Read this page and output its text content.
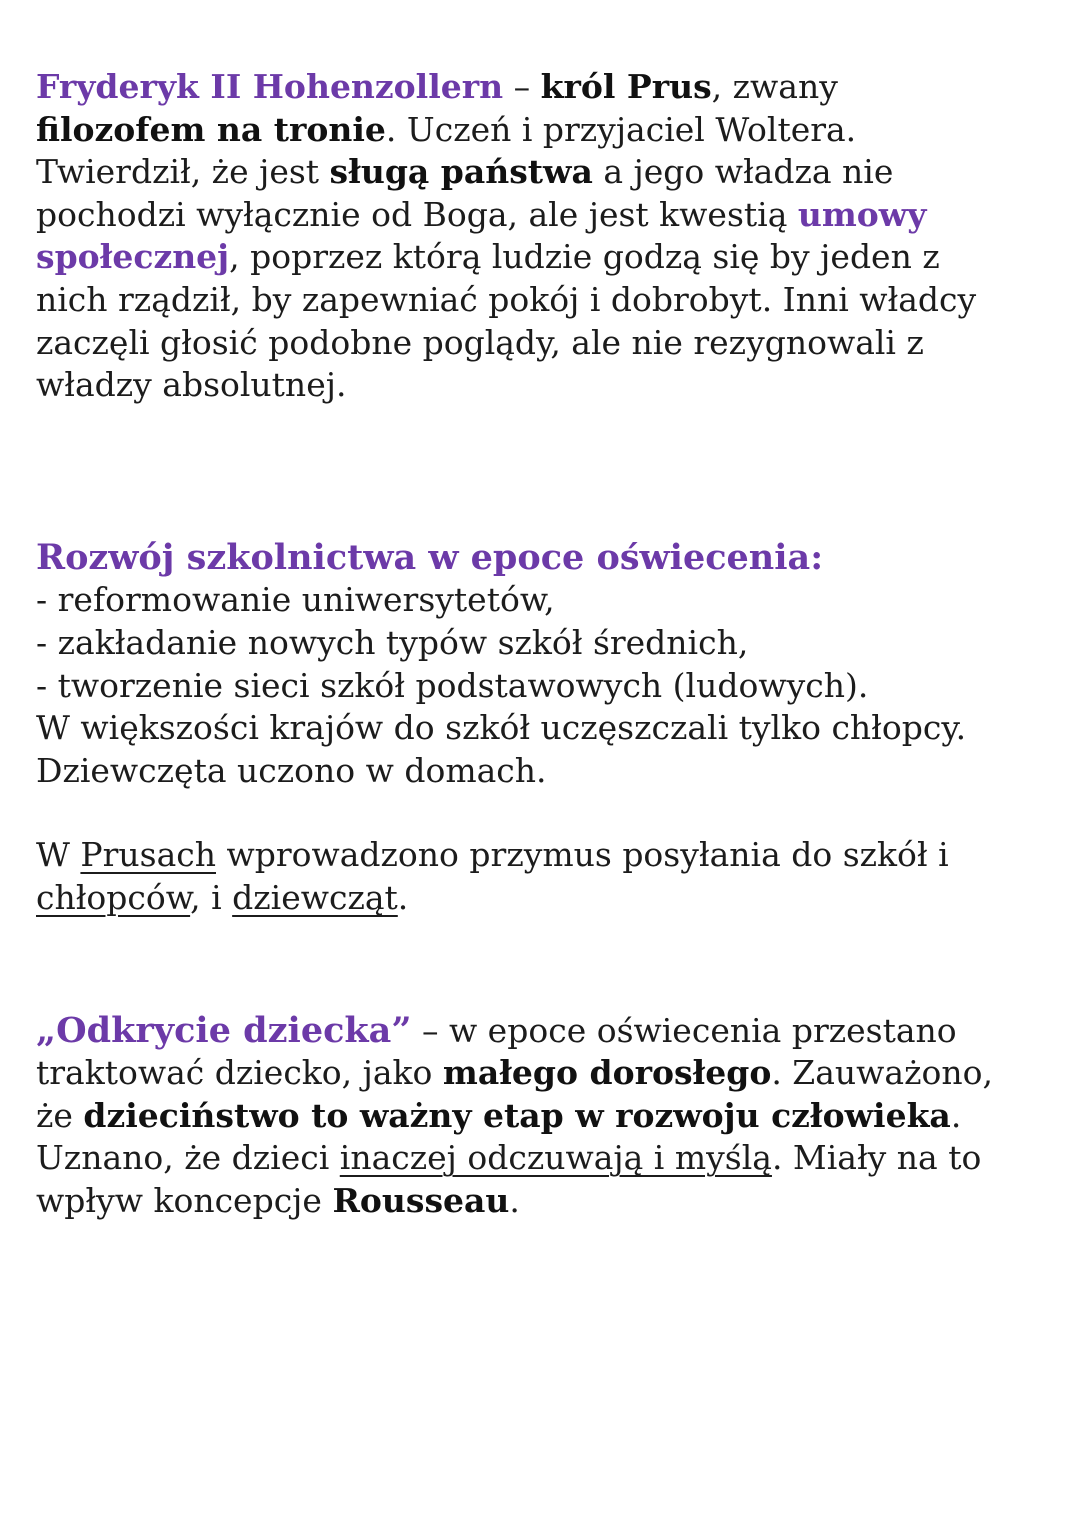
Fryderyk II Hohenzollern – król Prus, zwany
filozofem na tronie. Uczeń i przyjaciel Woltera.
Twierdził, że jest sługą państwa a jego władza nie
pochodzi wyłącznie od Boga, ale jest kwestią umowy
społecznej, poprzez którą ludzie godzą się by jeden z
nich rządził, by zapewniać pokój i dobrobyt. Inni władcy
zaczęli głosić podobne poglądy, ale nie rezygnowali z
władzy absolutnej.
Rozwój szkolnictwa w epoce oświecenia:
- reformowanie uniwersytetów,
- zakładanie nowych typów szkół średnich,
- tworzenie sieci szkół podstawowych (ludowych).
W większości krajów do szkół uczęszczali tylko chłopcy.
Dziewczęta uczono w domach.
W Prusach wprowadzono przymus posyłania do szkół i
chłopców, i dziewcząt.
„Odkrycie dziecka” – w epoce oświecenia przestano
traktować dziecko, jako małego dorosłego. Zauważono,
że dzieciństwo to ważny etap w rozwoju człowieka.
Uznano, że dzieci inaczej odczuwają i myślą. Miały na to
wpływ koncepcje Rousseau.
